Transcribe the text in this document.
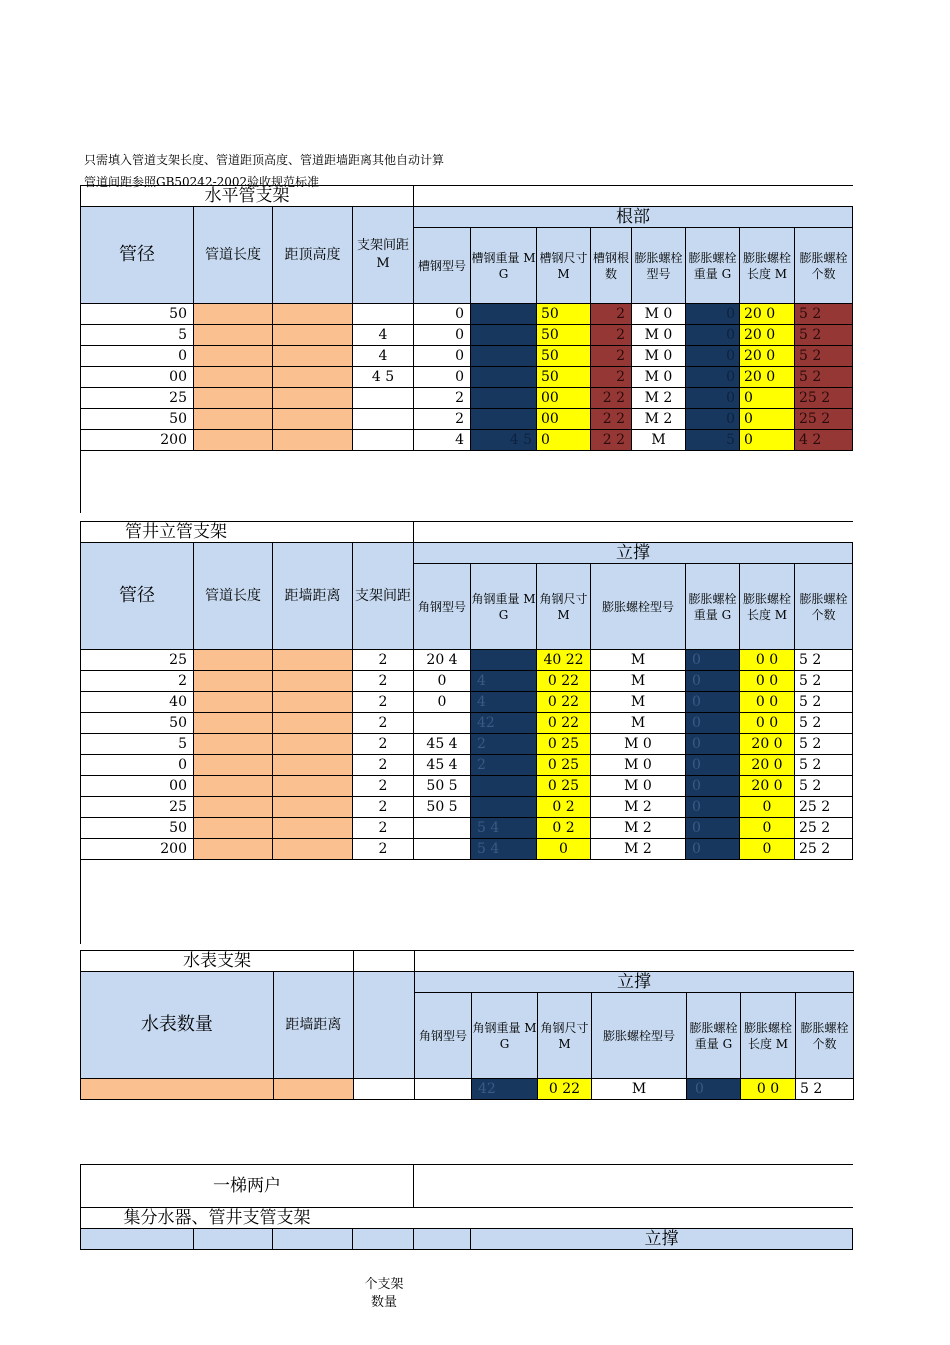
只需填入管道支架长度、管道距顶高度、管道距墙距离其他自动计算
管道间距参照GB50242-2002验收规范标准
水平管支架											
管径	管道长度	距顶高度	支架间距M	根部							
				槽钢型号	槽钢重量 M G	槽钢尺寸 M	槽钢根数	膨胀螺栓 型号	膨胀螺栓 重量 G	膨胀螺栓 长度 M	膨胀螺栓个数
50				0		50	2	M 0	0	20 0	5 2
5			4	0		50	2	M 0	0	20 0	5 2
0			4	0		50	2	M 0	0	20 0	5 2
00			4 5	0		50	2	M 0	0	20 0	5 2
25				2		00	2 2	M 2	0	0	25 2
50				2		00	2 2	M 2	0	0	25 2
200				4	4 5	0	2 2	M	5	0	4 2

管井立管支架										
管径	管道长度	距墙距离	支架间距	立撑						
				角钢型号	角钢重量 M G	角钢尺寸 M	膨胀螺栓型号	膨胀螺栓 重量 G	膨胀螺栓 长度 M	膨胀螺栓个数
25			2	20 4		40 22	M	0	0 0	5 2
2			2	0	4	0 22	M	0	0 0	5 2
40			2	0	4	0 22	M	0	0 0	5 2
50			2		42	0 22	M	0	0 0	5 2
5			2	45 4	2	0 25	M 0	0	20 0	5 2
0			2	45 4	2	0 25	M 0	0	20 0	5 2
00			2	50 5		0 25	M 0	0	20 0	5 2
25			2	50 5		0 2	M 2	0	0	25 2
50			2		5 4	0 2	M 2	0	0	25 2
200			2		5 4	0	M 2	0	0	25 2

水表支架									
水表数量	距墙距离		立撑						
			角钢型号	角钢重量 M G	角钢尺寸 M	膨胀螺栓型号	膨胀螺栓 重量 G	膨胀螺栓 长度 M	膨胀螺栓个数
				42	0 22	M	0	0 0	5 2
一梯两户					
集分水器、管井支管支架					
					立撑
个支架
数量
